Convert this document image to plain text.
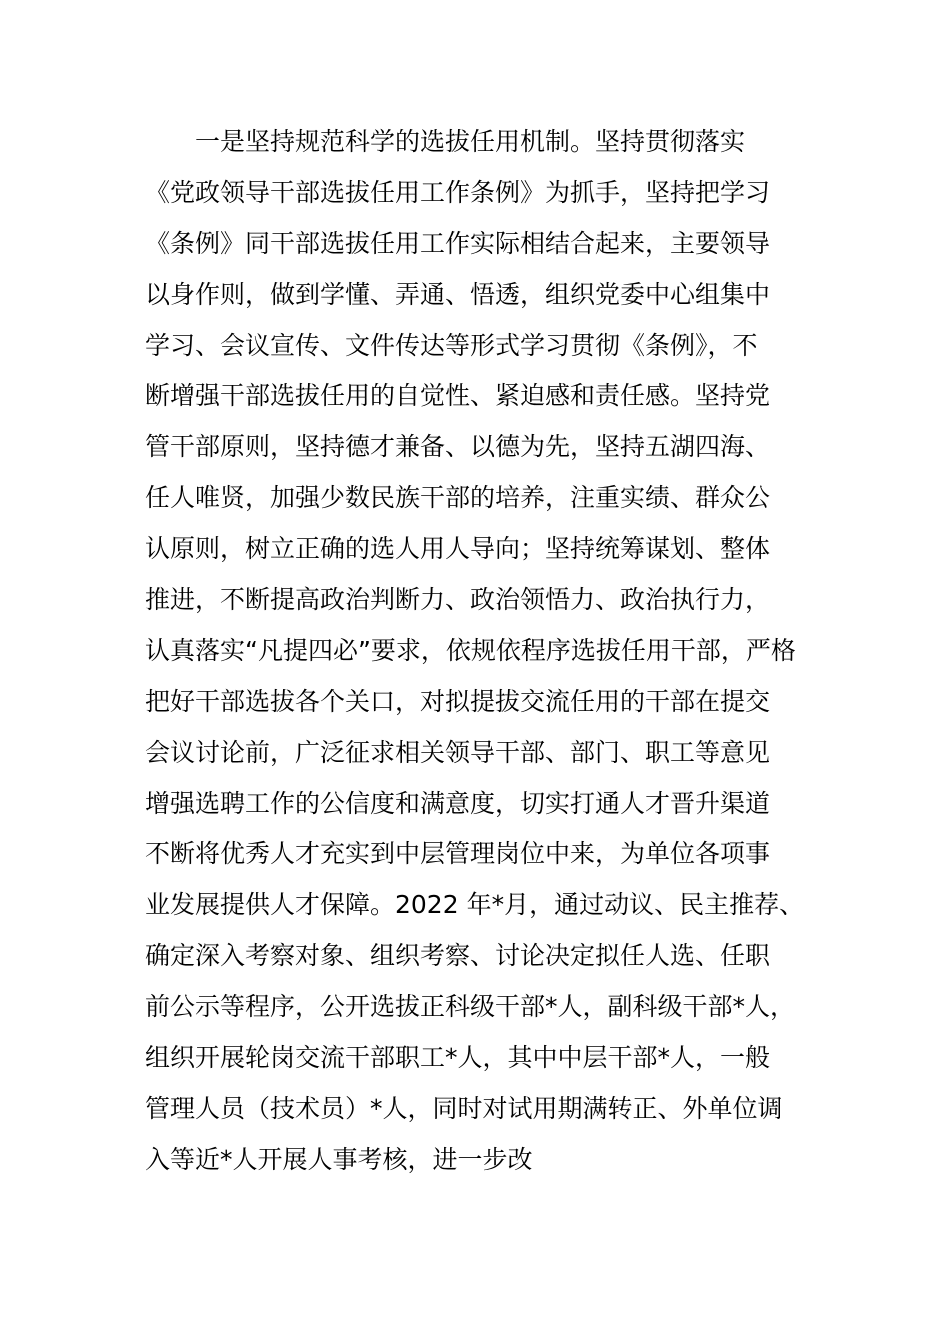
一是坚持规范科学的选拔任用机制。坚持贯彻落实
《党政领导干部选拔任用工作条例》为抓手，坚持把学习
《条例》同干部选拔任用工作实际相结合起来，主要领导
以身作则，做到学懂、弄通、悟透，组织党委中心组集中
学习、会议宣传、文件传达等形式学习贯彻《条例》，不
断增强干部选拔任用的自觉性、紧迫感和责任感。坚持党
管干部原则，坚持德才兼备、以德为先，坚持五湖四海、
任人唯贤，加强少数民族干部的培养，注重实绩、群众公
认原则，树立正确的选人用人导向；坚持统筹谋划、整体
推进，不断提高政治判断力、政治领悟力、政治执行力，
认真落实“凡提四必”要求，依规依程序选拔任用干部，严格
把好干部选拔各个关口，对拟提拔交流任用的干部在提交
会议讨论前，广泛征求相关领导干部、部门、职工等意见
增强选聘工作的公信度和满意度，切实打通人才晋升渠道
不断将优秀人才充实到中层管理岗位中来，为单位各项事
业发展提供人才保障。2022 年*月，通过动议、民主推荐、
确定深入考察对象、组织考察、讨论决定拟任人选、任职
前公示等程序，公开选拔正科级干部*人，副科级干部*人，
组织开展轮岗交流干部职工*人，其中中层干部*人，一般
管理人员（技术员）*人，同时对试用期满转正、外单位调
入等近*人开展人事考核，进一步改
